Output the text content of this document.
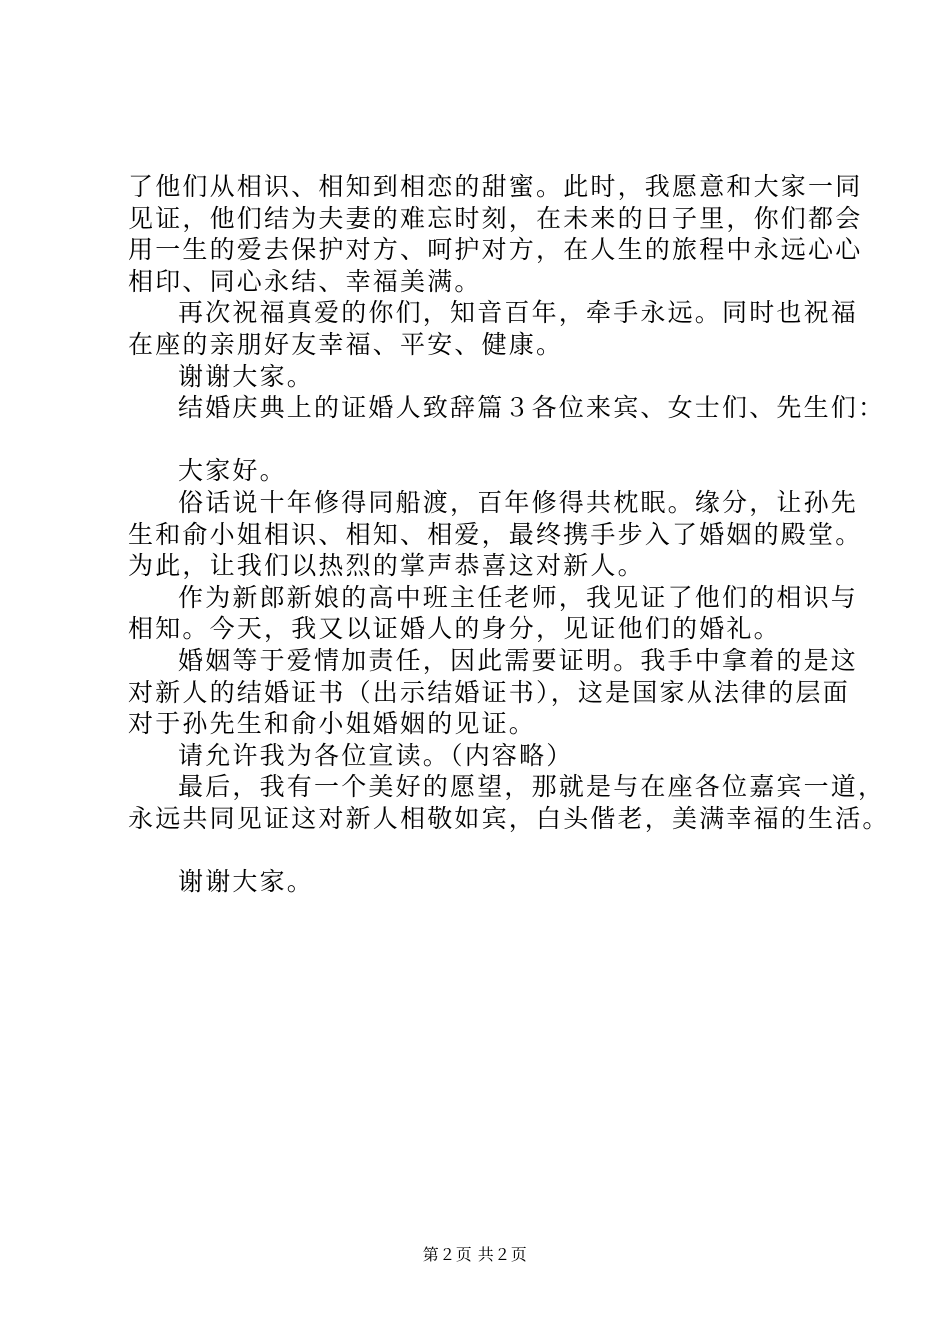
了他们从相识、相知到相恋的甜蜜。此时，我愿意和大家一同

见证，他们结为夫妻的难忘时刻，在未来的日子里，你们都会

用一生的爱去保护对方、呵护对方，在人生的旅程中永远心心

相印、同心永结、幸福美满。

再次祝福真爱的你们，知音百年，牵手永远。同时也祝福

在座的亲朋好友幸福、平安、健康。

谢谢大家。

结婚庆典上的证婚人致辞篇３各位来宾、女士们、先生们：

大家好。

俗话说十年修得同船渡，百年修得共枕眠。缘分，让孙先

生和俞小姐相识、相知、相爱，最终携手步入了婚姻的殿堂。

为此，让我们以热烈的掌声恭喜这对新人。

作为新郎新娘的高中班主任老师，我见证了他们的相识与

相知。今天，我又以证婚人的身分，见证他们的婚礼。

婚姻等于爱情加责任，因此需要证明。我手中拿着的是这

对新人的结婚证书（出示结婚证书），这是国家从法律的层面

对于孙先生和俞小姐婚姻的见证。

请允许我为各位宣读。（内容略）

最后，我有一个美好的愿望，那就是与在座各位嘉宾一道，

永远共同见证这对新人相敬如宾，白头偕老，美满幸福的生活。

谢谢大家。

第２页 共２页
